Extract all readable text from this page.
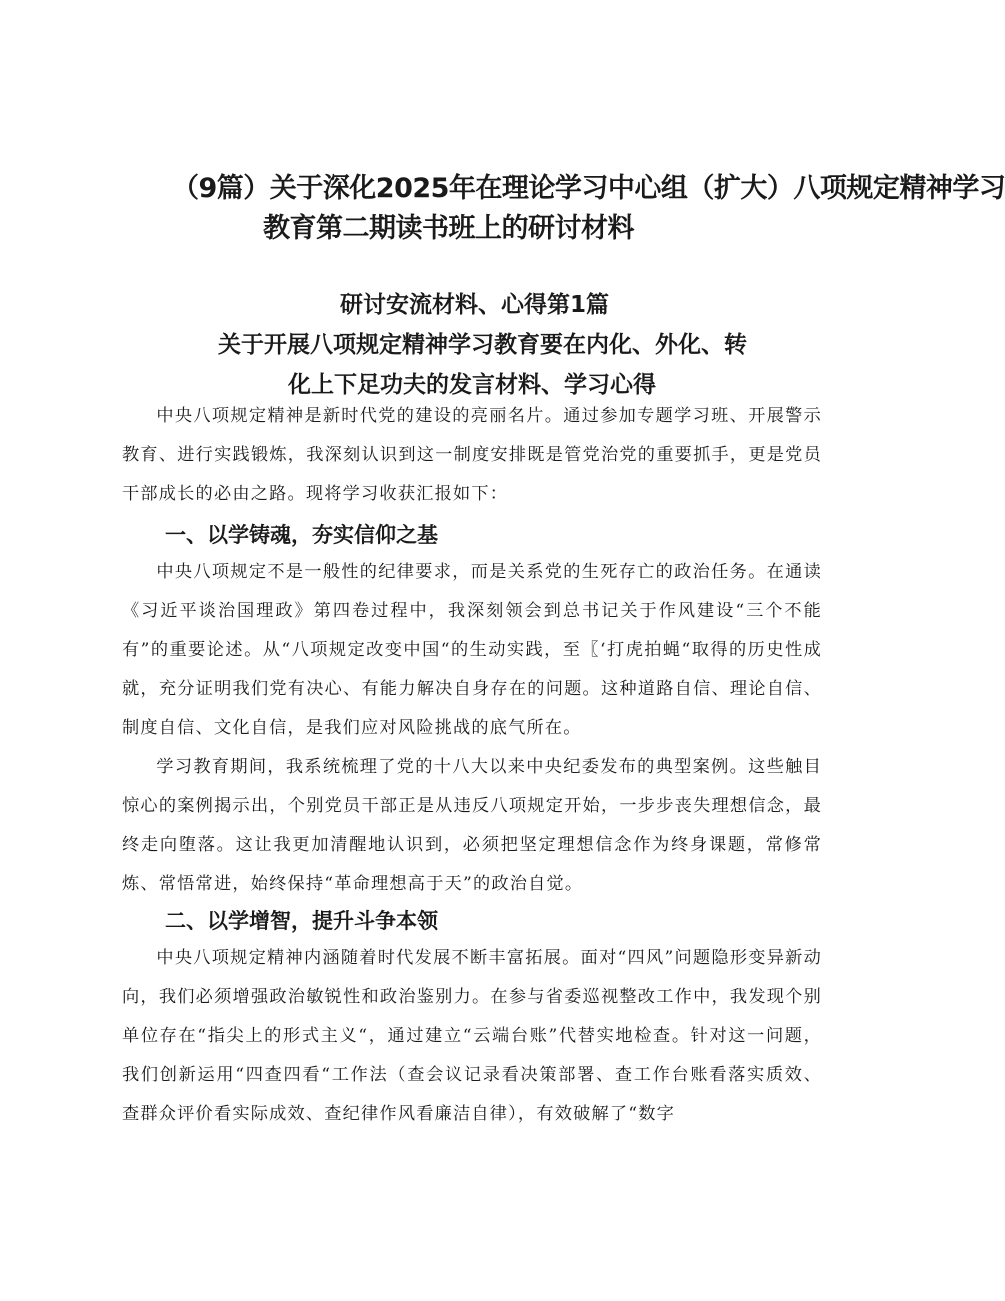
（9篇）关于深化2025年在理论学习中心组（扩大）八项规定精神学习
教育第二期读书班上的研讨材料
研讨安流材料、心得第1篇
关于开展八项规定精神学习教育要在内化、外化、转
化上下足功夫的发言材料、学习心得

中央八项规定精神是新时代党的建设的亮丽名片。通过参加专题学习班、开展警示教育、进行实践锻炼，我深刻认识到这一制度安排既是管党治党的重要抓手，更是党员干部成长的必由之路。现将学习收获汇报如下：

一、以学铸魂，夯实信仰之基

中央八项规定不是一般性的纪律要求，而是关系党的生死存亡的政治任务。在通读《习近平谈治国理政》第四卷过程中，我深刻领会到总书记关于作风建设“三个不能有”的重要论述。从“八项规定改变中国“的生动实践，至〖‘打虎拍蝇“取得的历史性成就，充分证明我们党有决心、有能力解决自身存在的问题。这种道路自信、理论自信、制度自信、文化自信，是我们应对风险挑战的底气所在。

学习教育期间，我系统梳理了党的十八大以来中央纪委发布的典型案例。这些触目惊心的案例揭示出，个别党员干部正是从违反八项规定开始，一步步丧失理想信念，最终走向堕落。这让我更加清醒地认识到，必须把坚定理想信念作为终身课题，常修常炼、常悟常进，始终保持“革命理想高于天”的政治自觉。

二、以学增智，提升斗争本领

中央八项规定精神内涵随着时代发展不断丰富拓展。面对“四风”问题隐形变异新动向，我们必须增强政治敏锐性和政治鉴别力。在参与省委巡视整改工作中，我发现个别单位存在“指尖上的形式主义“，通过建立“云端台账”代替实地检查。针对这一问题，我们创新运用“四查四看“工作法（查会议记录看决策部署、查工作台账看落实质效、查群众评价看实际成效、查纪律作风看廉洁自律），有效破解了“数字
